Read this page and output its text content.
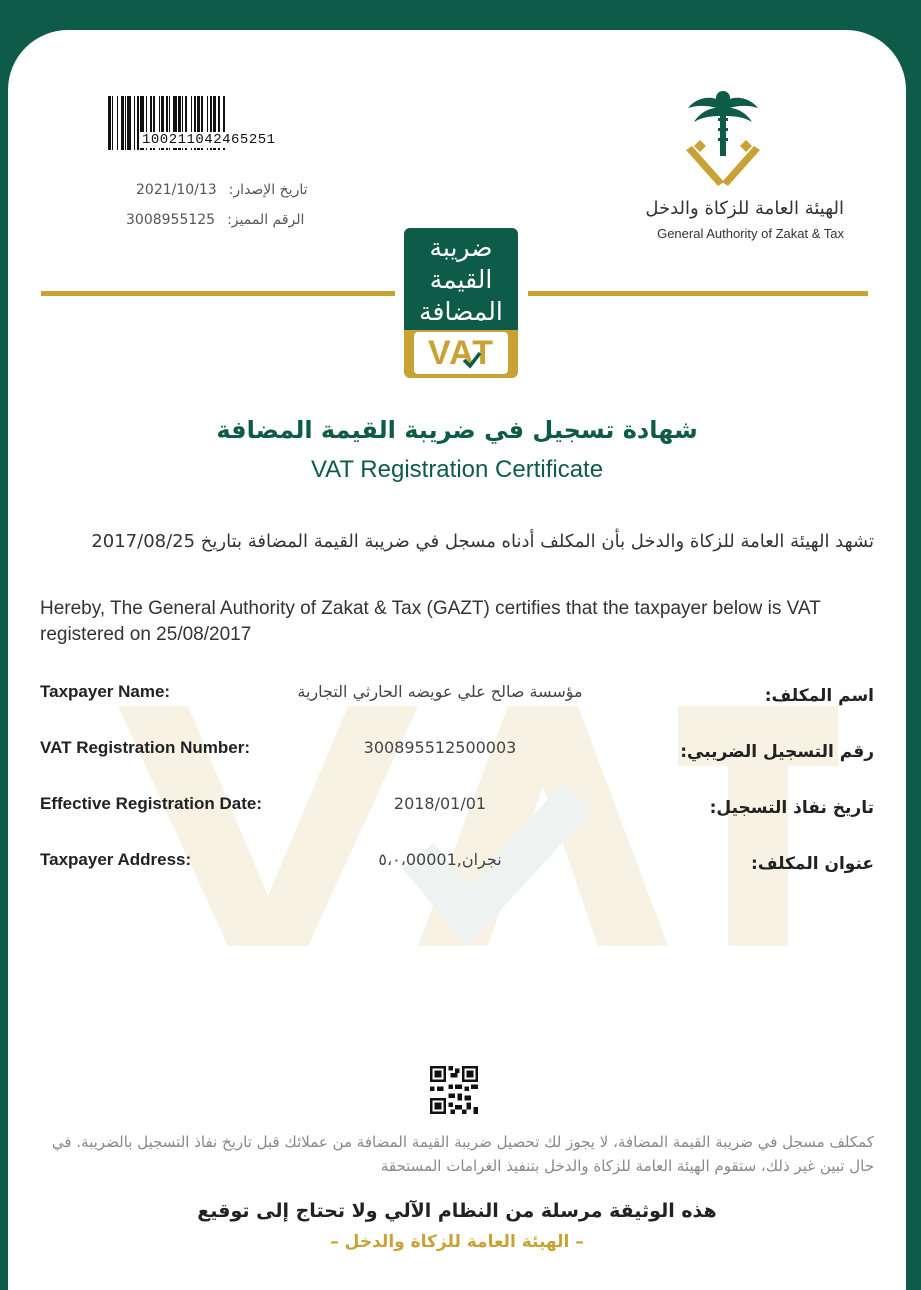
100211042465251
2021/10/13 تاريخ الإصدار:
3008955125 الرقم المميز:
الهيئة العامة للزكاة والدخل
General Authority of Zakat & Tax
ضريبة
القيمة
المضافة
VAT
شهادة تسجيل في ضريبة القيمة المضافة
VAT Registration Certificate
تشهد الهيئة العامة للزكاة والدخل بأن المكلف أدناه مسجل في ضريبة القيمة المضافة بتاريخ 2017/08/25
Hereby, The General Authority of Zakat & Tax (GAZT) certifies that the taxpayer below is VAT registered on 25/08/2017
Taxpayer Name:	مؤسسة صالح علي عويضه الحارثي التجارية	اسم المكلف:
VAT Registration Number:	300895512500003	رقم التسجيل الضريبي:
Effective Registration Date:	2018/01/01	تاريخ نفاذ التسجيل:
Taxpayer Address:	نجران,٥،٠،00001	عنوان المكلف:
كمكلف مسجل في ضريبة القيمة المضافة، لا يجوز لك تحصيل ضريبة القيمة المضافة من عملائك قبل تاريخ نفاذ التسجيل بالضريبة. في حال تبين غير ذلك، ستقوم الهيئة العامة للزكاة والدخل بتنفيذ الغرامات المستحقة
هذه الوثيقة مرسلة من النظام الآلي ولا تحتاج إلى توقيع
– الهيئة العامة للزكاة والدخل –
